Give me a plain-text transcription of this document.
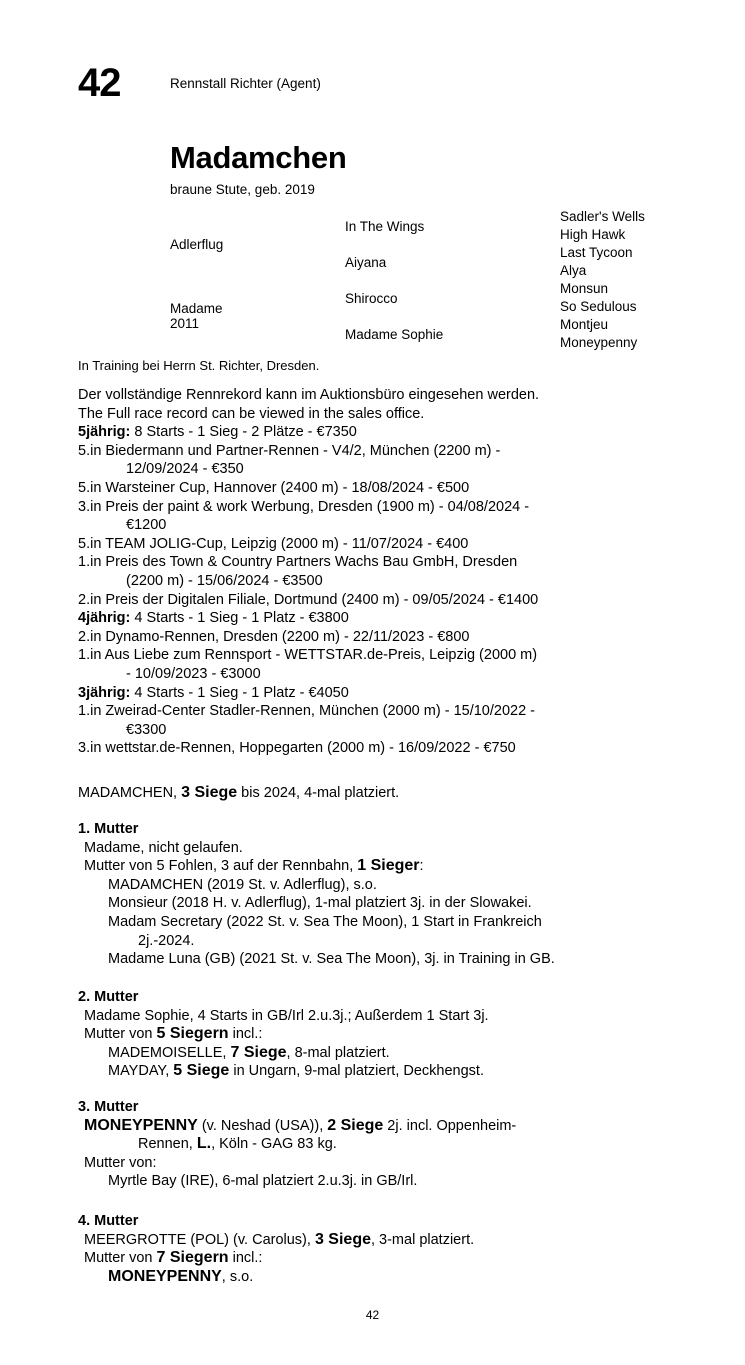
42	Rennstall Richter (Agent)
Madamchen
braune Stute, geb. 2019
Adlerflug
In The Wings
Aiyana
Sadler's Wells
High Hawk
Last Tycoon
Alya
Madame
2011
Shirocco
Madame Sophie
Monsun
So Sedulous
Montjeu
Moneypenny
In Training bei Herrn St. Richter, Dresden.
Der vollständige Rennrekord kann im Auktionsbüro eingesehen werden.
The Full race record can be viewed in the sales office.
5jährig: 8 Starts - 1 Sieg - 2 Plätze - €7350
5.in Biedermann und Partner-Rennen - V4/2, München (2200 m) -
12/09/2024 - €350
5.in Warsteiner Cup, Hannover (2400 m) - 18/08/2024 - €500
3.in Preis der paint & work Werbung, Dresden (1900 m) - 04/08/2024 -
€1200
5.in TEAM JOLIG-Cup, Leipzig (2000 m) - 11/07/2024 - €400
1.in Preis des Town & Country Partners Wachs Bau GmbH, Dresden
(2200 m) - 15/06/2024 - €3500
2.in Preis der Digitalen Filiale, Dortmund (2400 m) - 09/05/2024 - €1400
4jährig: 4 Starts - 1 Sieg - 1 Platz - €3800
2.in Dynamo-Rennen, Dresden (2200 m) - 22/11/2023 - €800
1.in Aus Liebe zum Rennsport - WETTSTAR.de-Preis, Leipzig (2000 m)
- 10/09/2023 - €3000
3jährig: 4 Starts - 1 Sieg - 1 Platz - €4050
1.in Zweirad-Center Stadler-Rennen, München (2000 m) - 15/10/2022 -
€3300
3.in wettstar.de-Rennen, Hoppegarten (2000 m) - 16/09/2022 - €750
MADAMCHEN, 3 Siege bis 2024, 4-mal platziert.
1. Mutter
Madame, nicht gelaufen.
Mutter von 5 Fohlen, 3 auf der Rennbahn, 1 Sieger:
MADAMCHEN (2019 St. v. Adlerflug), s.o.
Monsieur (2018 H. v. Adlerflug), 1-mal platziert 3j. in der Slowakei.
Madam Secretary (2022 St. v. Sea The Moon), 1 Start in Frankreich
2j.-2024.
Madame Luna (GB) (2021 St. v. Sea The Moon), 3j. in Training in GB.
2. Mutter
Madame Sophie, 4 Starts in GB/Irl 2.u.3j.; Außerdem 1 Start 3j.
Mutter von 5 Siegern incl.:
MADEMOISELLE, 7 Siege, 8-mal platziert.
MAYDAY, 5 Siege in Ungarn, 9-mal platziert, Deckhengst.
3. Mutter
MONEYPENNY (v. Neshad (USA)), 2 Siege 2j. incl. Oppenheim-
Rennen, L., Köln - GAG 83 kg.
Mutter von:
Myrtle Bay (IRE), 6-mal platziert 2.u.3j. in GB/Irl.
4. Mutter
MEERGROTTE (POL) (v. Carolus), 3 Siege, 3-mal platziert.
Mutter von 7 Siegern incl.:
MONEYPENNY, s.o.
42
